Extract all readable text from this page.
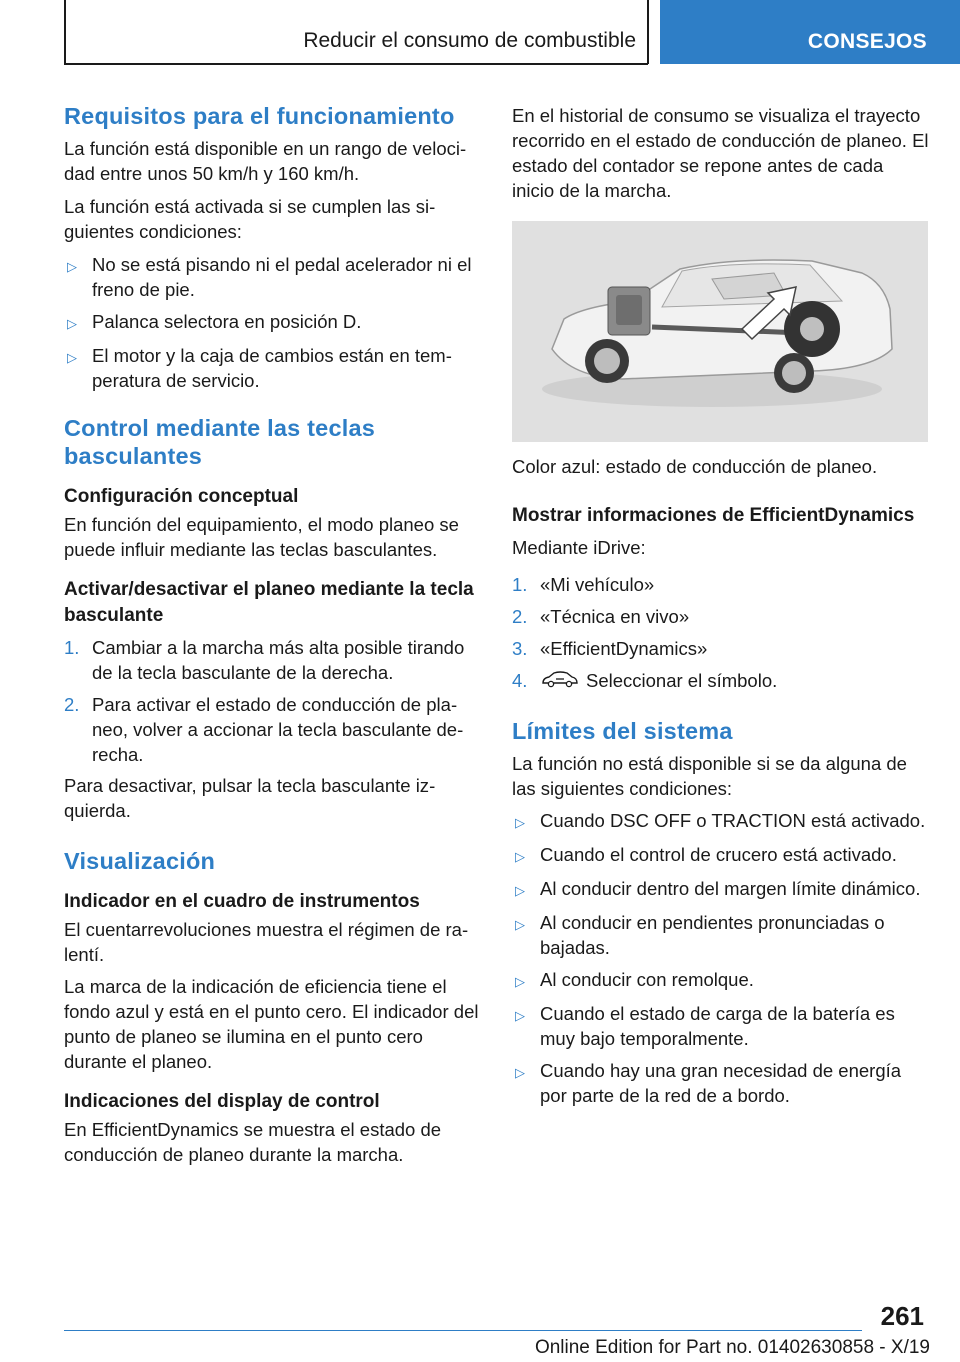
Reducir el consumo de combustible	CONSEJOS
Requisitos para el funcionamiento

La función está disponible en un rango de velocidad entre unos 50 km/h y 160 km/h.

La función está activada si se cumplen las siguientes condiciones:

▷ No se está pisando ni el pedal acelerador ni el freno de pie.
▷ Palanca selectora en posición D.
▷ El motor y la caja de cambios están en temperatura de servicio.
Control mediante las teclas basculantes
Configuración conceptual

En función del equipamiento, el modo planeo se puede influir mediante las teclas basculantes.

Activar/desactivar el planeo mediante la tecla basculante
1. Cambiar a la marcha más alta posible tirando de la tecla basculante de la derecha.
2. Para activar el estado de conducción de planeo, volver a accionar la tecla basculante derecha.

Para desactivar, pulsar la tecla basculante izquierda.

Visualización
Indicador en el cuadro de instrumentos

El cuentarrevoluciones muestra el régimen de ralentí.

La marca de la indicación de eficiencia tiene el fondo azul y está en el punto cero. El indicador del punto de planeo se ilumina en el punto cero durante el planeo.

Indicaciones del display de control

En EfficientDynamics se muestra el estado de conducción de planeo durante la marcha.

En el historial de consumo se visualiza el trayecto recorrido en el estado de conducción de planeo. El estado del contador se repone antes de cada inicio de la marcha.

Color azul: estado de conducción de planeo.

Mostrar informaciones de EfficientDynamics

Mediante iDrive:

1. «Mi vehículo»
2. «Técnica en vivo»
3. «EfficientDynamics»
4.	Seleccionar el símbolo.
Límites del sistema

La función no está disponible si se da alguna de las siguientes condiciones:

▷ Cuando DSC OFF o TRACTION está activado.
▷ Cuando el control de crucero está activado.
▷ Al conducir dentro del margen límite dinámico.
▷ Al conducir en pendientes pronunciadas o bajadas.
▷ Al conducir con remolque.
▷ Cuando el estado de carga de la batería es muy bajo temporalmente.
▷ Cuando hay una gran necesidad de energía por parte de la red de a bordo.
261
Online Edition for Part no. 01402630858 - X/19
